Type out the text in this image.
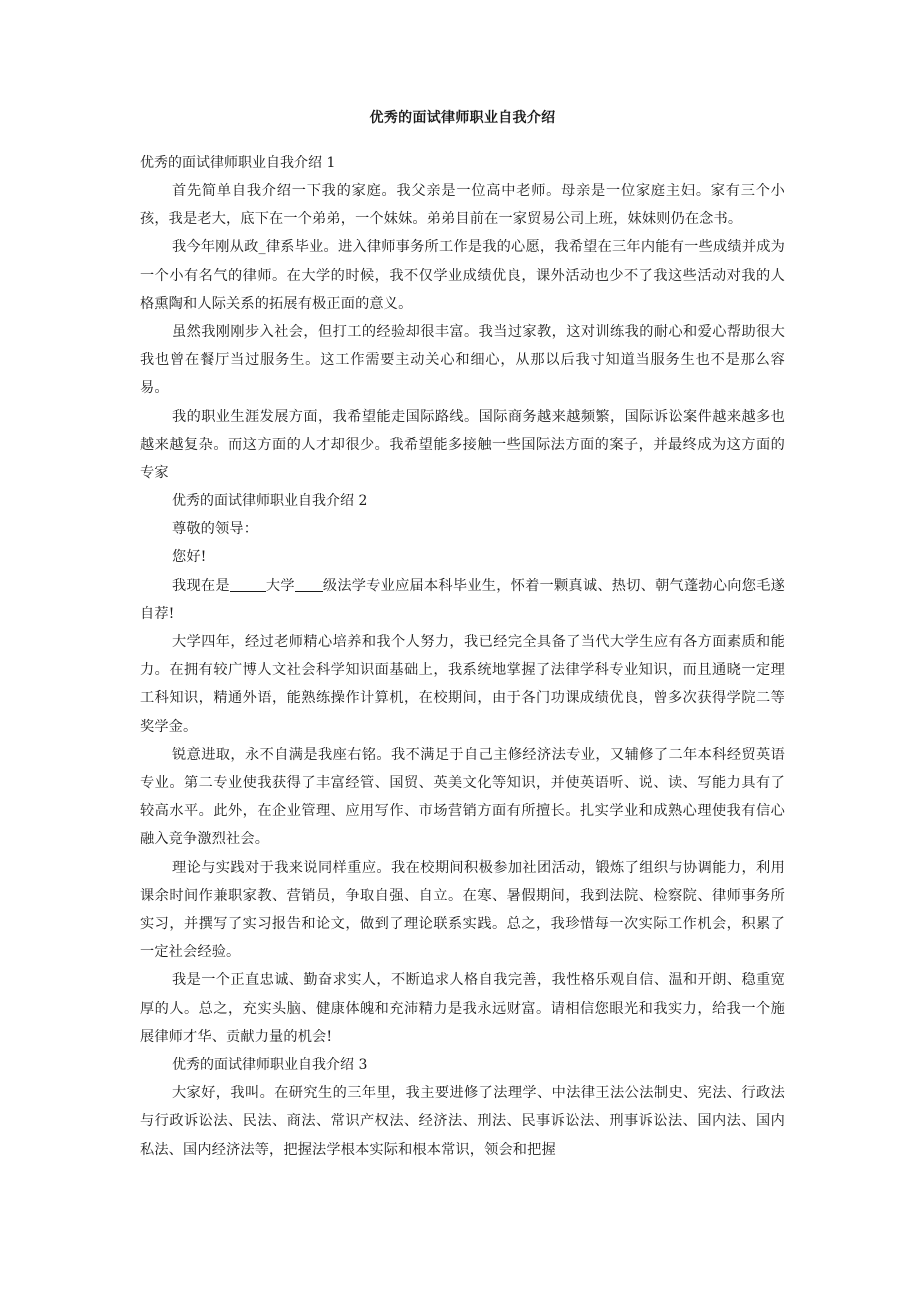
优秀的面试律师职业自我介绍

优秀的面试律师职业自我介绍 1

首先简单自我介绍一下我的家庭。我父亲是一位高中老师。母亲是一位家庭主妇。家有三个小孩，我是老大，底下在一个弟弟，一个妹妹。弟弟目前在一家贸易公司上班，妹妹则仍在念书。

我今年刚从政_律系毕业。进入律师事务所工作是我的心愿，我希望在三年内能有一些成绩并成为一个小有名气的律师。在大学的时候，我不仅学业成绩优良，课外活动也少不了我这些活动对我的人格熏陶和人际关系的拓展有极正面的意义。

虽然我刚刚步入社会，但打工的经验却很丰富。我当过家教，这对训练我的耐心和爱心帮助很大我也曾在餐厅当过服务生。这工作需要主动关心和细心，从那以后我寸知道当服务生也不是那么容易。

我的职业生涯发展方面，我希望能走国际路线。国际商务越来越频繁，国际诉讼案件越来越多也越来越复杂。而这方面的人才却很少。我希望能多接触一些国际法方面的案子，并最终成为这方面的专家

优秀的面试律师职业自我介绍 2

尊敬的领导：

您好!

我现在是	大学 级法学专业应届本科毕业生，怀着一颗真诚、热切、朝气蓬勃心向您毛遂自荐!

大学四年，经过老师精心培养和我个人努力，我已经完全具备了当代大学生应有各方面素质和能力。在拥有较广博人文社会科学知识面基础上，我系统地掌握了法律学科专业知识，而且通晓一定理工科知识，精通外语，能熟练操作计算机，在校期间，由于各门功课成绩优良，曾多次获得学院二等奖学金。

锐意进取，永不自满是我座右铭。我不满足于自己主修经济法专业，又辅修了二年本科经贸英语专业。第二专业使我获得了丰富经管、国贸、英美文化等知识，并使英语听、说、读、写能力具有了较高水平。此外，在企业管理、应用写作、市场营销方面有所擅长。扎实学业和成熟心理使我有信心融入竞争激烈社会。

理论与实践对于我来说同样重应。我在校期间积极参加社团活动，锻炼了组织与协调能力，利用课余时间作兼职家教、营销员，争取自强、自立。在寒、暑假期间，我到法院、检察院、律师事务所实习，并撰写了实习报告和论文，做到了理论联系实践。总之，我珍惜每一次实际工作机会，积累了一定社会经验。

我是一个正直忠诚、勤奋求实人，不断追求人格自我完善，我性格乐观自信、温和开朗、稳重宽厚的人。总之，充实头脑、健康体魄和充沛精力是我永远财富。请相信您眼光和我实力，给我一个施展律师才华、贡献力量的机会!

优秀的面试律师职业自我介绍 3

大家好，我叫。在研究生的三年里，我主要进修了法理学、中法律王法公法制史、宪法、行政法与行政诉讼法、民法、商法、常识产权法、经济法、刑法、民事诉讼法、刑事诉讼法、国内法、国内私法、国内经济法等，把握法学根本实际和根本常识，领会和把握
